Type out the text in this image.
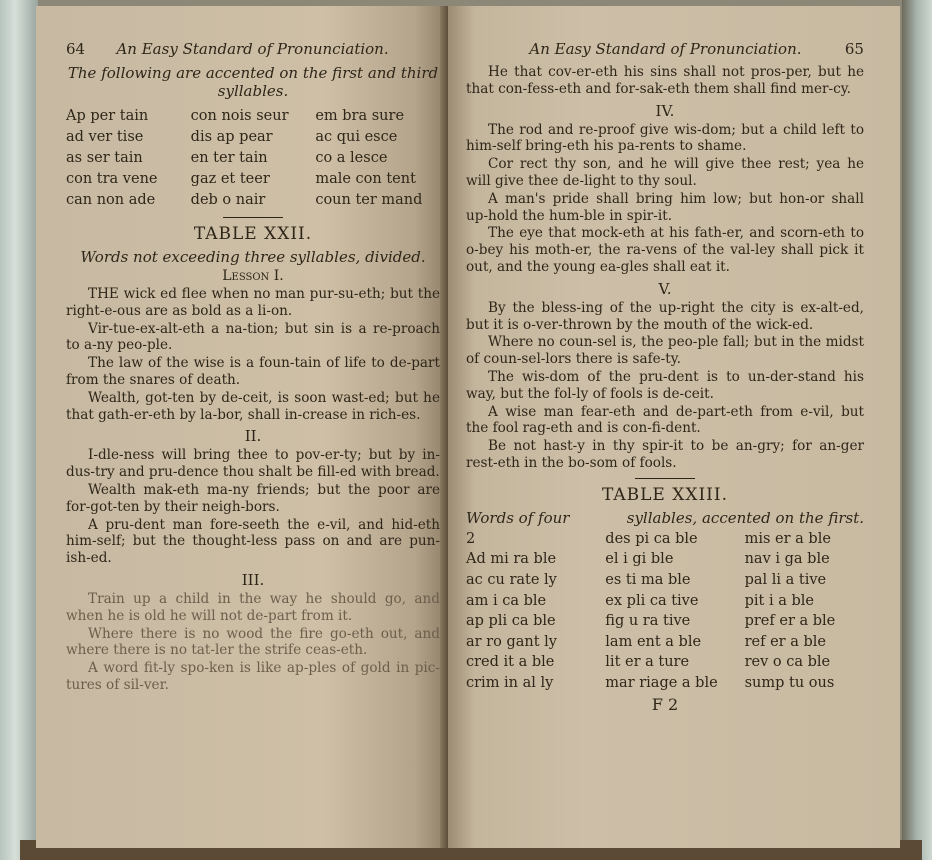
64 An Easy Standard of Pronunciation.
The following are accented on the first and third syllables.
Ap per tain	con nois seur	em bra sure
ad ver tise	dis ap pear	ac qui esce
as ser tain	en ter tain	co a lesce
con tra vene	gaz et teer	male con tent
can non ade	deb o nair	coun ter mand
TABLE XXII.
Words not exceeding three syllables, divided.
Lesson I.

THE wick ed flee when no man pur-su-eth; but the right-e-ous are as bold as a li-on.

Vir-tue-ex-alt-eth a na-tion; but sin is a re-proach to a-ny peo-ple.

The law of the wise is a foun-tain of life to de-part from the snares of death.

Wealth, got-ten by de-ceit, is soon wast-ed; but he that gath-er-eth by la-bor, shall in-crease in rich-es.

II.

I-dle-ness will bring thee to pov-er-ty; but by in-dus-try and pru-dence thou shalt be fill-ed with bread.

Wealth mak-eth ma-ny friends; but the poor are for-got-ten by their neigh-bors.

A pru-dent man fore-seeth the e-vil, and hid-eth him-self; but the thought-less pass on and are pun-ish-ed.

III.

Train up a child in the way he should go, and when he is old he will not de-part from it.

Where there is no wood the fire go-eth out, and where there is no tat-ler the strife ceas-eth.

A word fit-ly spo-ken is like ap-ples of gold in pic-tures of sil-ver.

An Easy Standard of Pronunciation.	65

He that cov-er-eth his sins shall not pros-per, but he that con-fess-eth and for-sak-eth them shall find mer-cy.

IV.

The rod and re-proof give wis-dom; but a child left to him-self bring-eth his pa-rents to shame.

Cor rect thy son, and he will give thee rest; yea he will give thee de-light to thy soul.

A man's pride shall bring him low; but hon-or shall up-hold the hum-ble in spir-it.

The eye that mock-eth at his fath-er, and scorn-eth to o-bey his moth-er, the ra-vens of the val-ley shall pick it out, and the young ea-gles shall eat it.

V.

By the bless-ing of the up-right the city is ex-alt-ed, but it is o-ver-thrown by the mouth of the wick-ed.

Where no coun-sel is, the peo-ple fall; but in the midst of coun-sel-lors there is safe-ty.

The wis-dom of the pru-dent is to un-der-stand his way, but the fol-ly of fools is de-ceit.

A wise man fear-eth and de-part-eth from e-vil, but the fool rag-eth and is con-fi-dent.

Be not hast-y in thy spir-it to be an-gry; for an-ger rest-eth in the bo-som of fools.

TABLE XXIII.
Words of four	syllables, accented on the first.
2	des pi ca ble	mis er a ble
Ad mi ra ble	el i gi ble	nav i ga ble
ac cu rate ly	es ti ma ble	pal li a tive
am i ca ble	ex pli ca tive	pit i a ble
ap pli ca ble	fig u ra tive	pref er a ble
ar ro gant ly	lam ent a ble	ref er a ble
cred it a ble	lit er a ture	rev o ca ble
crim in al ly	mar riage a ble	sump tu ous
F 2
